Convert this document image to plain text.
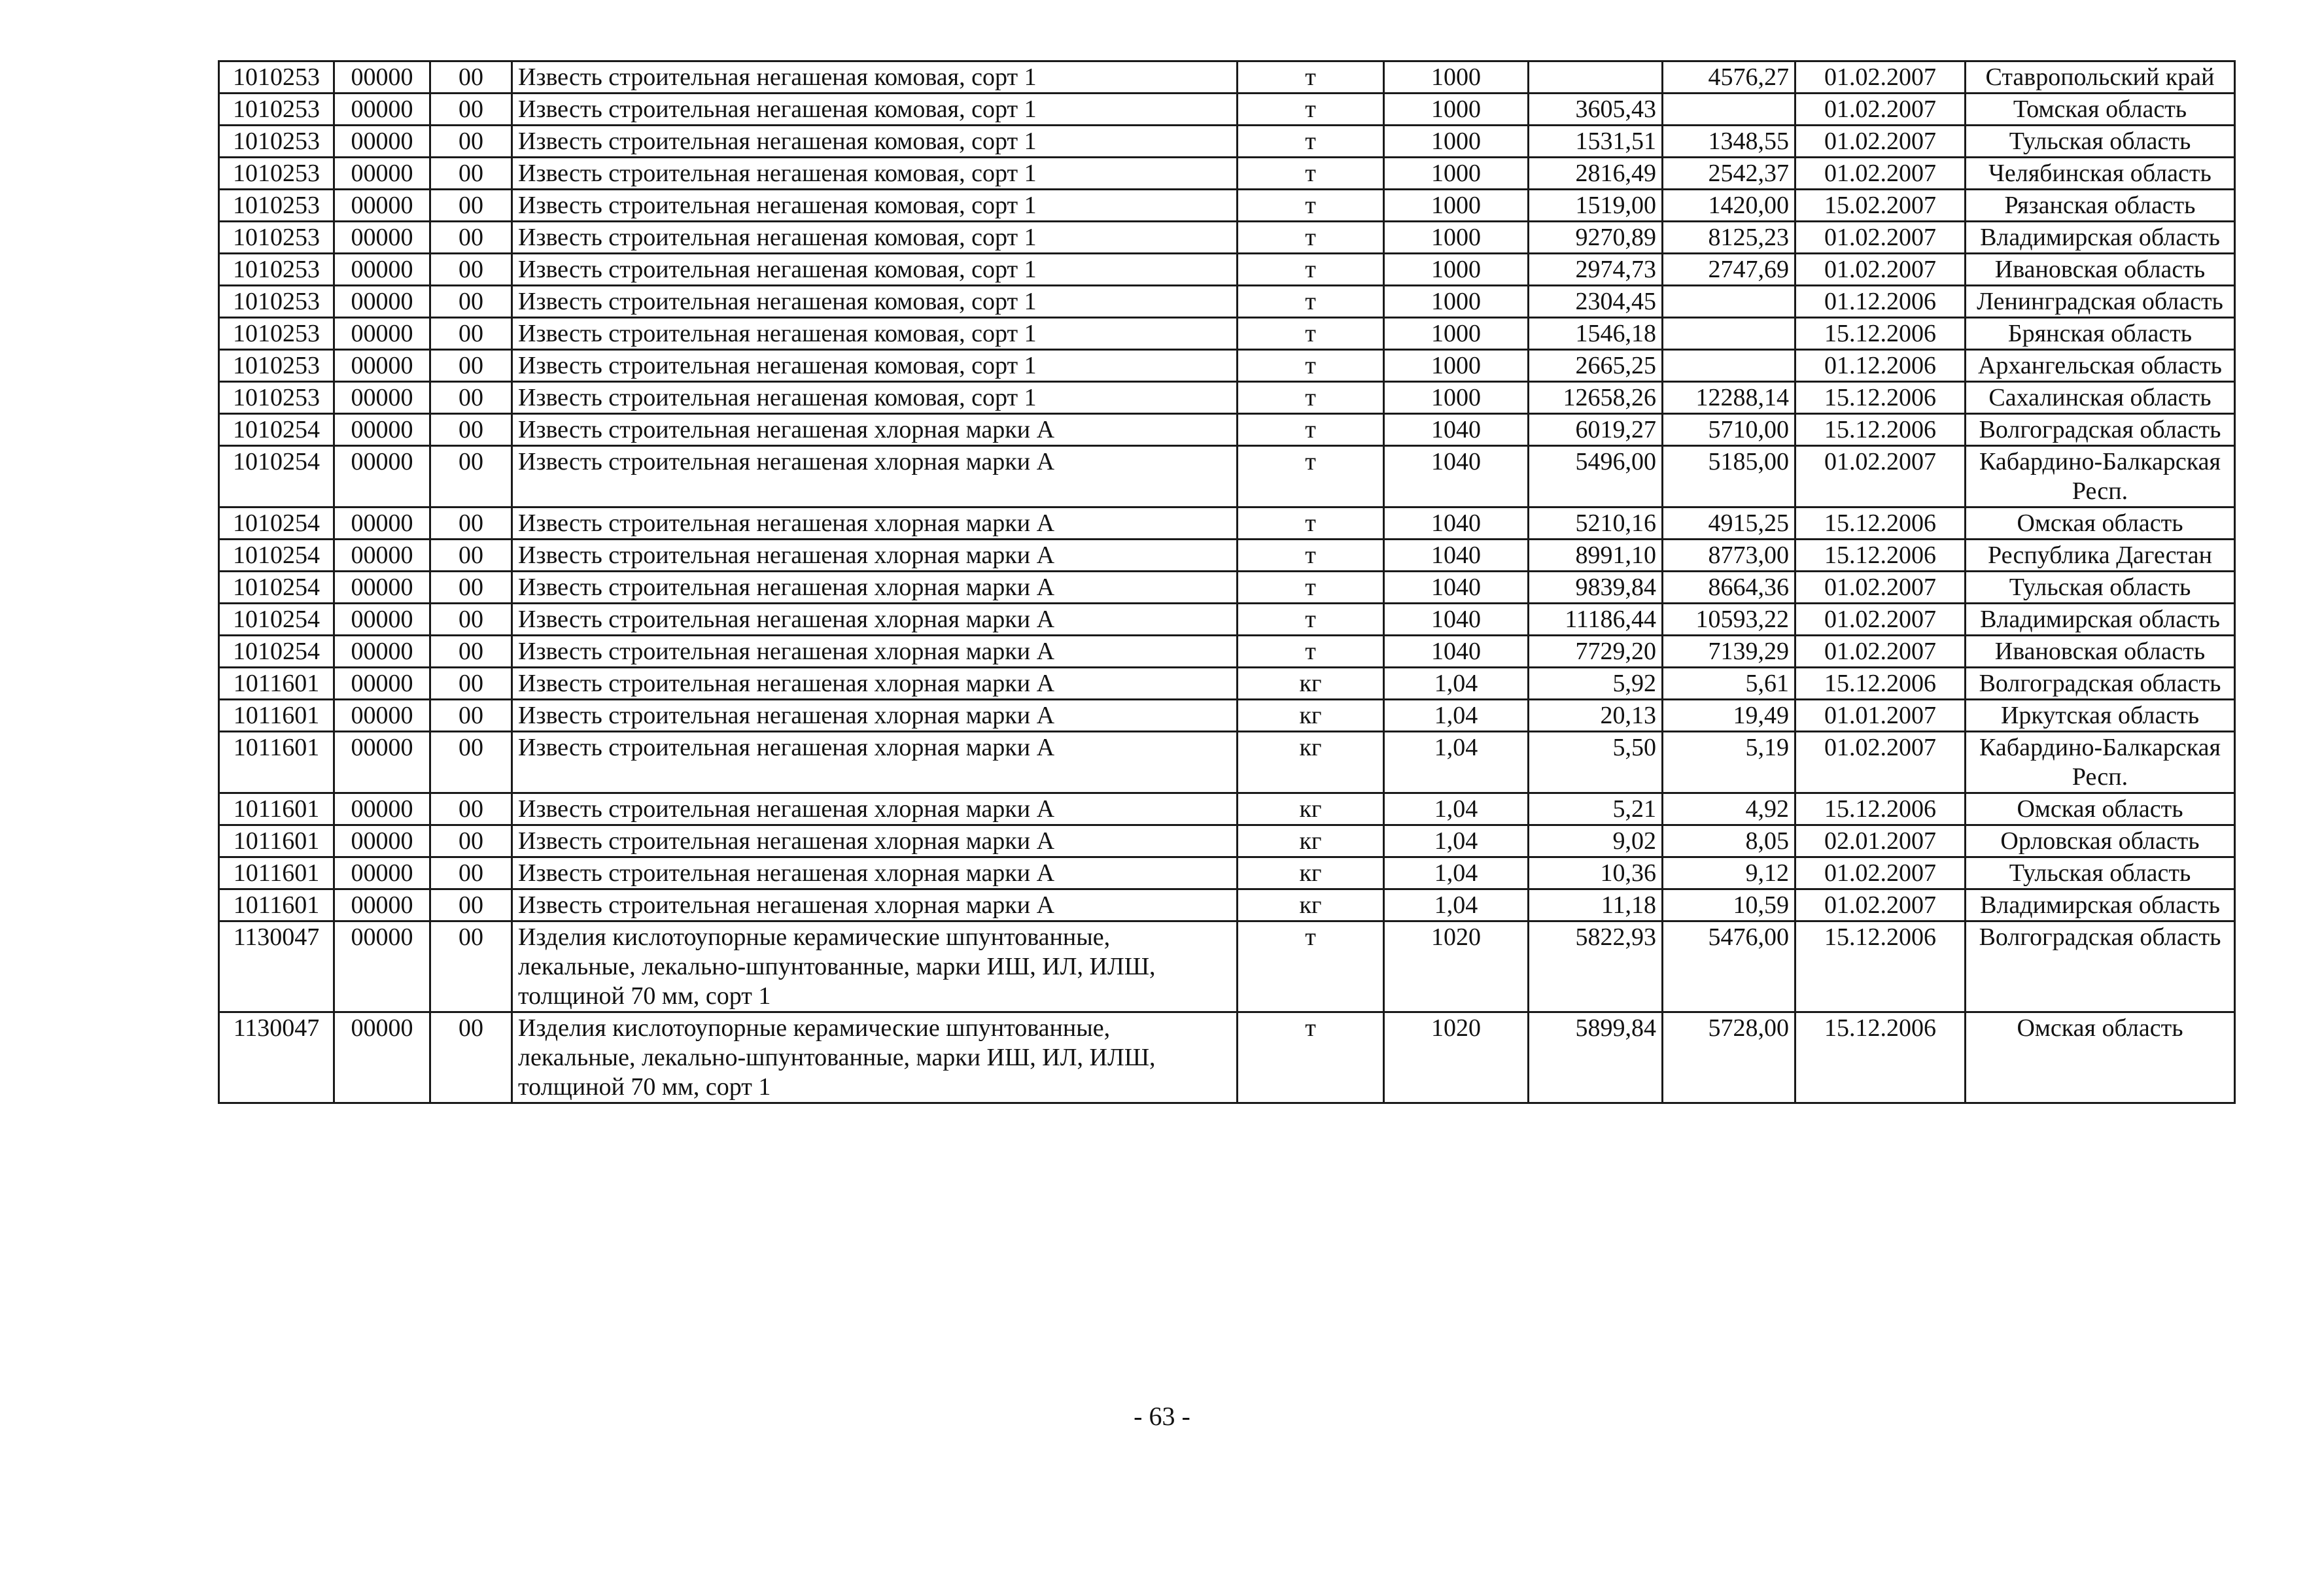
1010253	00000	00	Известь строительная негашеная комовая, сорт 1	т	1000		4576,27	01.02.2007	Ставропольский край
1010253	00000	00	Известь строительная негашеная комовая, сорт 1	т	1000	3605,43		01.02.2007	Томская область
1010253	00000	00	Известь строительная негашеная комовая, сорт 1	т	1000	1531,51	1348,55	01.02.2007	Тульская область
1010253	00000	00	Известь строительная негашеная комовая, сорт 1	т	1000	2816,49	2542,37	01.02.2007	Челябинская область
1010253	00000	00	Известь строительная негашеная комовая, сорт 1	т	1000	1519,00	1420,00	15.02.2007	Рязанская область
1010253	00000	00	Известь строительная негашеная комовая, сорт 1	т	1000	9270,89	8125,23	01.02.2007	Владимирская область
1010253	00000	00	Известь строительная негашеная комовая, сорт 1	т	1000	2974,73	2747,69	01.02.2007	Ивановская область
1010253	00000	00	Известь строительная негашеная комовая, сорт 1	т	1000	2304,45		01.12.2006	Ленинградская область
1010253	00000	00	Известь строительная негашеная комовая, сорт 1	т	1000	1546,18		15.12.2006	Брянская область
1010253	00000	00	Известь строительная негашеная комовая, сорт 1	т	1000	2665,25		01.12.2006	Архангельская область
1010253	00000	00	Известь строительная негашеная комовая, сорт 1	т	1000	12658,26	12288,14	15.12.2006	Сахалинская область
1010254	00000	00	Известь строительная негашеная хлорная марки А	т	1040	6019,27	5710,00	15.12.2006	Волгоградская область
1010254	00000	00	Известь строительная негашеная хлорная марки А	т	1040	5496,00	5185,00	01.02.2007	Кабардино-Балкарская Респ.
1010254	00000	00	Известь строительная негашеная хлорная марки А	т	1040	5210,16	4915,25	15.12.2006	Омская область
1010254	00000	00	Известь строительная негашеная хлорная марки А	т	1040	8991,10	8773,00	15.12.2006	Республика Дагестан
1010254	00000	00	Известь строительная негашеная хлорная марки А	т	1040	9839,84	8664,36	01.02.2007	Тульская область
1010254	00000	00	Известь строительная негашеная хлорная марки А	т	1040	11186,44	10593,22	01.02.2007	Владимирская область
1010254	00000	00	Известь строительная негашеная хлорная марки А	т	1040	7729,20	7139,29	01.02.2007	Ивановская область
1011601	00000	00	Известь строительная негашеная хлорная марки А	кг	1,04	5,92	5,61	15.12.2006	Волгоградская область
1011601	00000	00	Известь строительная негашеная хлорная марки А	кг	1,04	20,13	19,49	01.01.2007	Иркутская область
1011601	00000	00	Известь строительная негашеная хлорная марки А	кг	1,04	5,50	5,19	01.02.2007	Кабардино-Балкарская Респ.
1011601	00000	00	Известь строительная негашеная хлорная марки А	кг	1,04	5,21	4,92	15.12.2006	Омская область
1011601	00000	00	Известь строительная негашеная хлорная марки А	кг	1,04	9,02	8,05	02.01.2007	Орловская область
1011601	00000	00	Известь строительная негашеная хлорная марки А	кг	1,04	10,36	9,12	01.02.2007	Тульская область
1011601	00000	00	Известь строительная негашеная хлорная марки А	кг	1,04	11,18	10,59	01.02.2007	Владимирская область
1130047	00000	00	Изделия кислотоупорные керамические шпунтованные, лекальные, лекально-шпунтованные, марки ИШ, ИЛ, ИЛШ, толщиной 70 мм, сорт 1	т	1020	5822,93	5476,00	15.12.2006	Волгоградская область
1130047	00000	00	Изделия кислотоупорные керамические шпунтованные, лекальные, лекально-шпунтованные, марки ИШ, ИЛ, ИЛШ, толщиной 70 мм, сорт 1	т	1020	5899,84	5728,00	15.12.2006	Омская область
- 63 -
